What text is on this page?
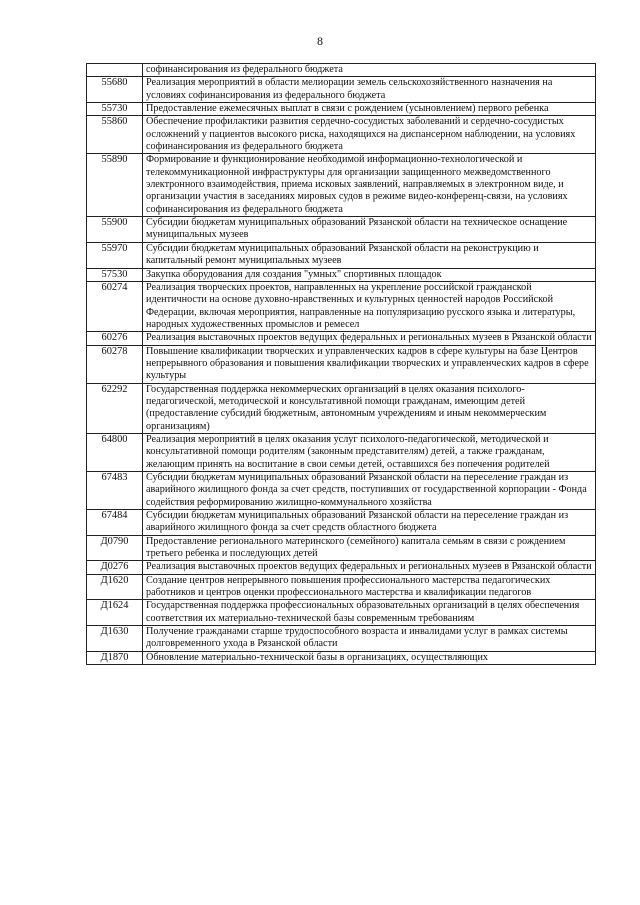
8
	софинансирования из федерального бюджета
55680	Реализация мероприятий в области мелиорации земель сельскохозяйственного назначения на условиях софинансирования из федерального бюджета
55730	Предоставление ежемесячных выплат в связи с рождением (усыновлением) первого ребенка
55860	Обеспечение профилактики развития сердечно-сосудистых заболеваний и сердечно-сосудистых осложнений у пациентов высокого риска, находящихся на диспансерном наблюдении, на условиях софинансирования из федерального бюджета
55890	Формирование и функционирование необходимой информационно-технологической и телекоммуникационной инфраструктуры для организации защищенного межведомственного электронного взаимодействия, приема исковых заявлений, направляемых в электронном виде, и организации участия в заседаниях мировых судов в режиме видео-конференц-связи, на условиях софинансирования из федерального бюджета
55900	Субсидии бюджетам муниципальных образований Рязанской области на техническое оснащение муниципальных музеев
55970	Субсидии бюджетам муниципальных образований Рязанской области на реконструкцию и капитальный ремонт муниципальных музеев
57530	Закупка оборудования для создания "умных" спортивных площадок
60274	Реализация творческих проектов, направленных на укрепление российской гражданской идентичности на основе духовно-нравственных и культурных ценностей народов Российской Федерации, включая мероприятия, направленные на популяризацию русского языка и литературы, народных художественных промыслов и ремесел
60276	Реализация выставочных проектов ведущих федеральных и региональных музеев в Рязанской области
60278	Повышение квалификации творческих и управленческих кадров в сфере культуры на базе Центров непрерывного образования и повышения квалификации творческих и управленческих кадров в сфере культуры
62292	Государственная поддержка некоммерческих организаций в целях оказания психолого-педагогической, методической и консультативной помощи гражданам, имеющим детей (предоставление субсидий бюджетным, автономным учреждениям и иным некоммерческим организациям)
64800	Реализация мероприятий в целях оказания услуг психолого-педагогической, методической и консультативной помощи родителям (законным представителям) детей, а также гражданам, желающим принять на воспитание в свои семьи детей, оставшихся без попечения родителей
67483	Субсидии бюджетам муниципальных образований Рязанской области на переселение граждан из аварийного жилищного фонда за счет средств, поступивших от государственной корпорации - Фонда содействия реформированию жилищно-коммунального хозяйства
67484	Субсидии бюджетам муниципальных образований Рязанской области на переселение граждан из аварийного жилищного фонда за счет средств областного бюджета
Д0790	Предоставление регионального материнского (семейного) капитала семьям в связи с рождением третьего ребенка и последующих детей
Д0276	Реализация выставочных проектов ведущих федеральных и региональных музеев в Рязанской области
Д1620	Создание центров непрерывного повышения профессионального мастерства педагогических работников и центров оценки профессионального мастерства и квалификации педагогов
Д1624	Государственная поддержка профессиональных образовательных организаций в целях обеспечения соответствия их материально-технической базы современным требованиям
Д1630	Получение гражданами старше трудоспособного возраста и инвалидами услуг в рамках системы долговременного ухода в Рязанской области
Д1870	Обновление материально-технической базы в организациях, осуществляющих
